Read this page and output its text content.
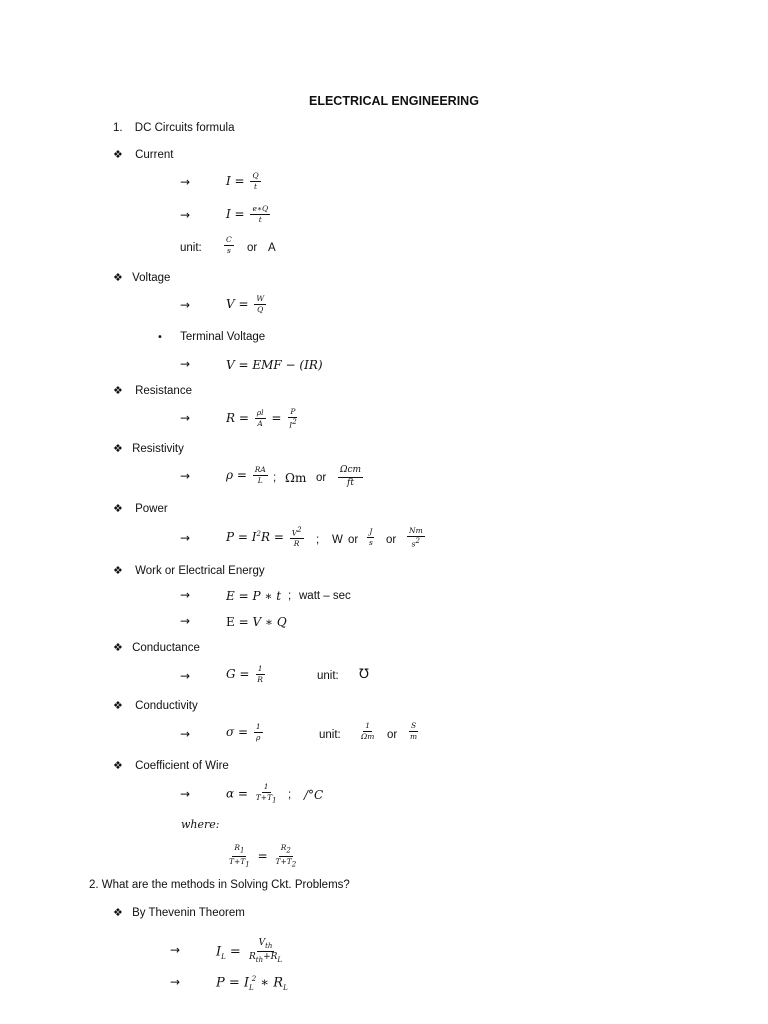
ELECTRICAL ENGINEERING
1. DC Circuits formula
❖ Current
→	$I = \frac{Q}{t}$
→	$I = \frac{e∗Q}{t}$
unit:	$\frac{C}{s}$ or A
❖ Voltage
→	$V = \frac{W}{Q}$
• Terminal Voltage
→	V = EMF − (IR)
❖ Resistance
→	$R = \frac{\rho l}{A} = \frac{P}{I^2}$
❖ Resistivity
→	$\rho = \frac{RA}{L}$ ; Ωm or $\frac{\text{Ωcm}}{ft}$
❖ Power
→	$P = I^2R = \frac{V^2}{R}$ ; W or $\frac{J}{s}$ or $\frac{Nm}{s^2}$
❖ Work or Electrical Energy
→	E = P ∗ t ; watt – sec
→	E = V ∗ Q
❖ Conductance
→	$G = \frac{1}{R}$	unit: ℧
❖ Conductivity
→	$\sigma = \frac{1}{\rho}$	unit: $\frac{1}{\Omega m}$ or $\frac{S}{m}$
❖ Coefficient of Wire
→	$\alpha = \frac{1}{T+T_1}$ ; /°C
where:
$\frac{R_1}{T+T_1} = \frac{R_2}{T+T_2}$
2. What are the methods in Solving Ckt. Problems?
❖ By Thevenin Theorem
→	$I_L = \frac{V_{th}}{R_{th}+R_L}$
→	$P = I_L^2$ ∗ $R_L$
